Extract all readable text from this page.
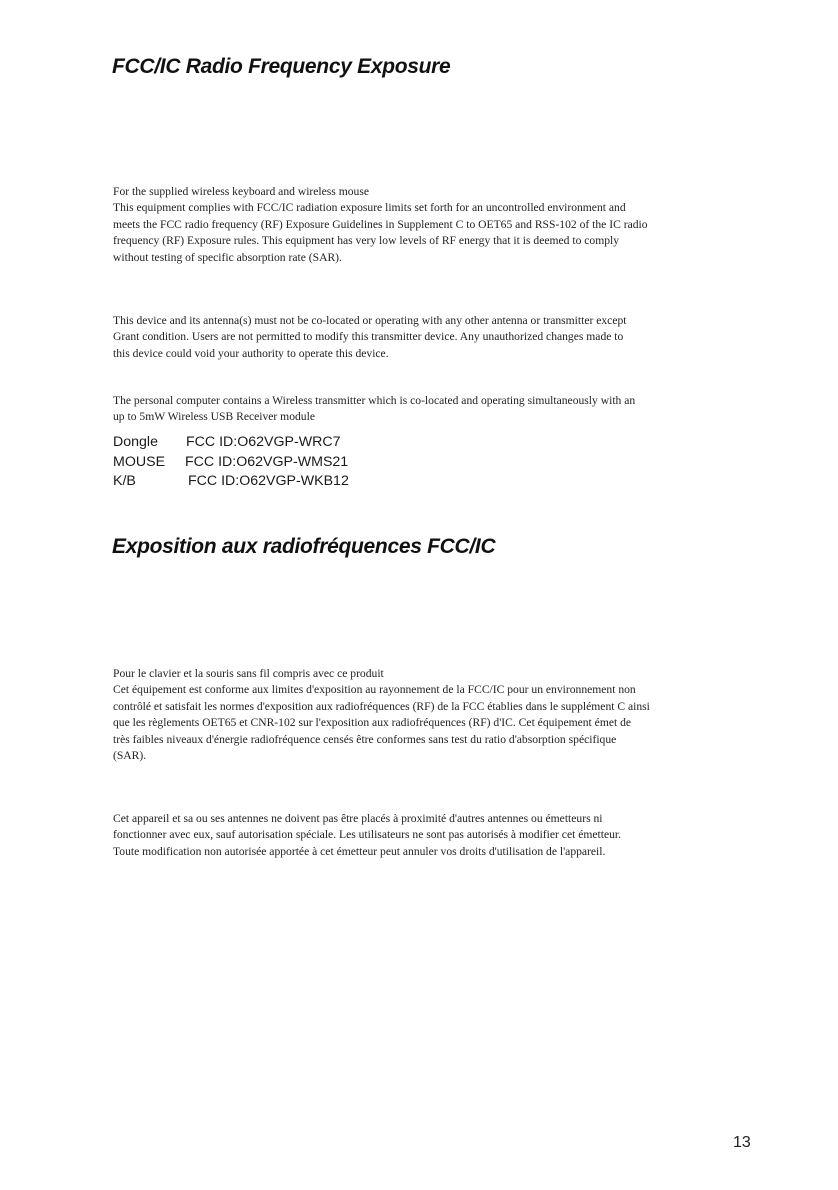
FCC/IC Radio Frequency Exposure
For the supplied wireless keyboard and wireless mouse
This equipment complies with FCC/IC radiation exposure limits set forth for an uncontrolled environment and
meets the FCC radio frequency (RF) Exposure Guidelines in Supplement C to OET65 and RSS-102 of the IC radio
frequency (RF) Exposure rules. This equipment has very low levels of RF energy that it is deemed to comply
without testing of specific absorption rate (SAR).
This device and its antenna(s) must not be co-located or operating with any other antenna or transmitter except
Grant condition. Users are not permitted to modify this transmitter device. Any unauthorized changes made to
this device could void your authority to operate this device.
The personal computer contains a Wireless transmitter which is co-located and operating simultaneously with an
up to 5mW Wireless USB Receiver module
Dongle	FCC ID:O62VGP-WRC7
MOUSE	FCC ID:O62VGP-WMS21
K/B	FCC ID:O62VGP-WKB12
Exposition aux radiofréquences FCC/IC
Pour le clavier et la souris sans fil compris avec ce produit
Cet équipement est conforme aux limites d'exposition au rayonnement de la FCC/IC pour un environnement non
contrôlé et satisfait les normes d'exposition aux radiofréquences (RF) de la FCC établies dans le supplément C ainsi
que les règlements OET65 et CNR-102 sur l'exposition aux radiofréquences (RF) d'IC. Cet équipement émet de
très faibles niveaux d'énergie radiofréquence censés être conformes sans test du ratio d'absorption spécifique
(SAR).
Cet appareil et sa ou ses antennes ne doivent pas être placés à proximité d'autres antennes ou émetteurs ni
fonctionner avec eux, sauf autorisation spéciale. Les utilisateurs ne sont pas autorisés à modifier cet émetteur.
Toute modification non autorisée apportée à cet émetteur peut annuler vos droits d'utilisation de l'appareil.
13
